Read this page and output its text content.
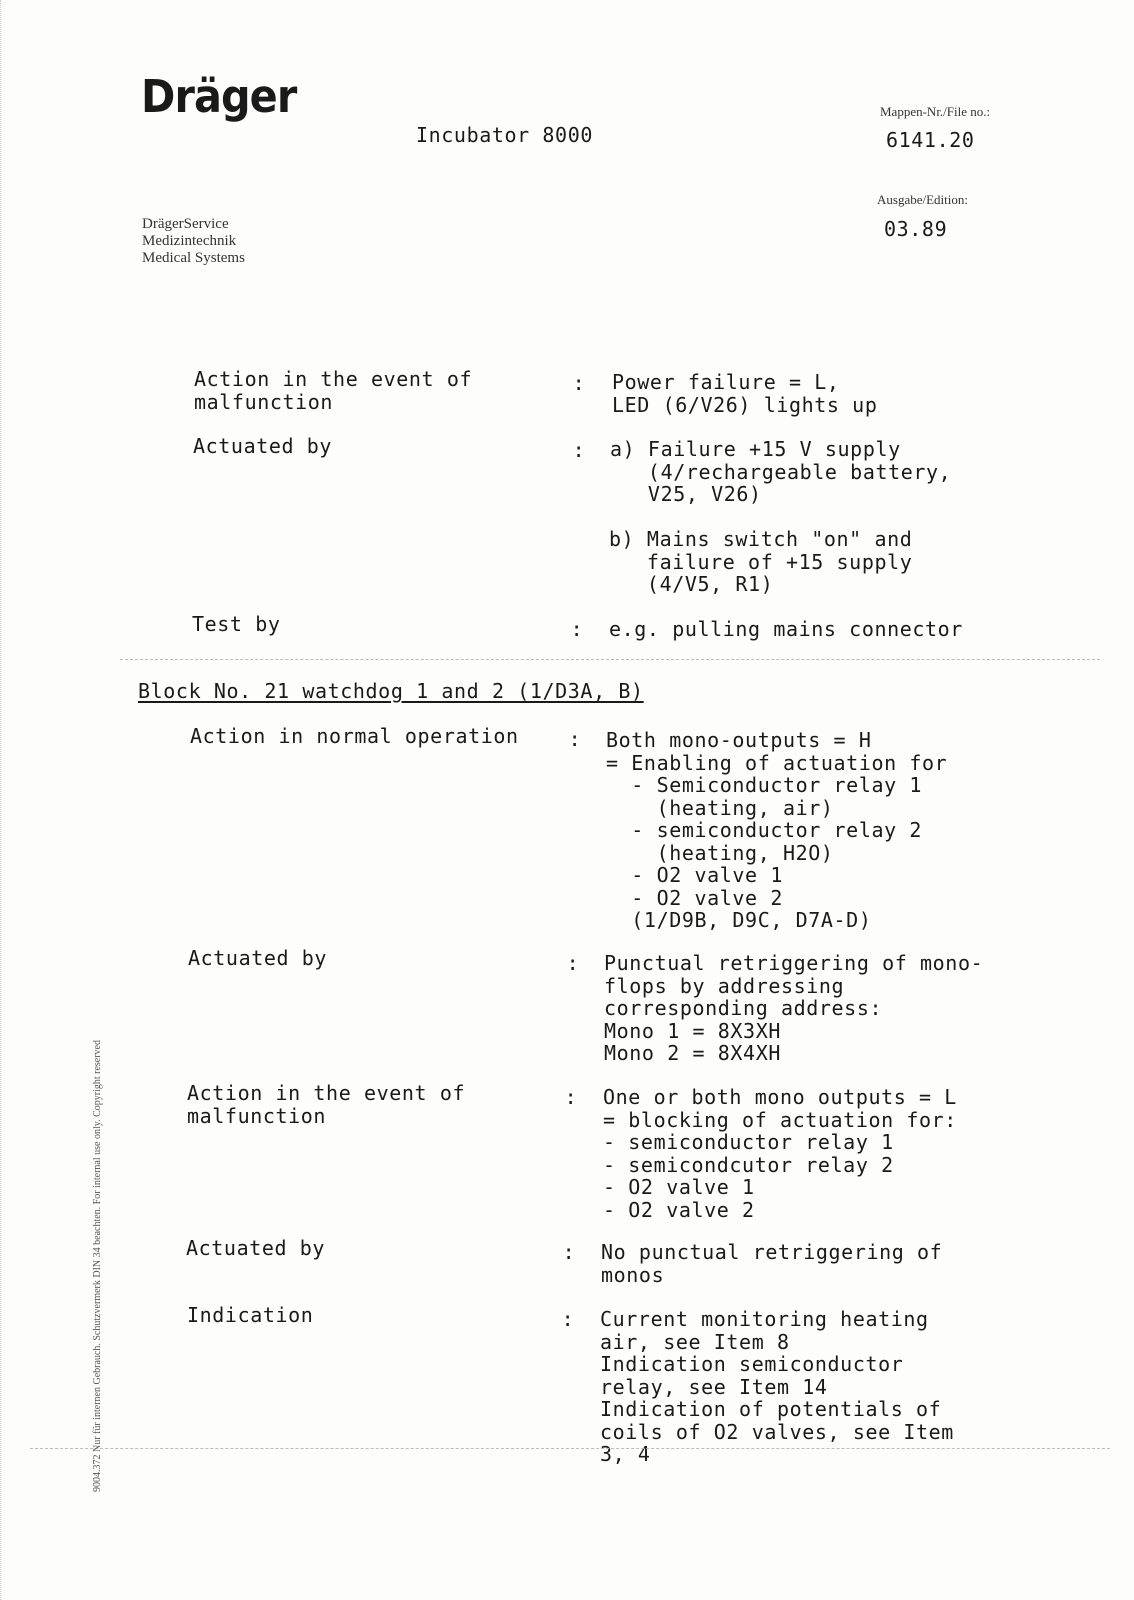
Dräger
Incubator 8000
Mappen-Nr./File no.:
6141.20
Ausgabe/Edition:
03.89
DrägerService
Medizintechnik
Medical Systems
Action in the event of
malfunction
: Power failure = L,
LED (6/V26) lights up
Actuated by	: a) Failure +15 V supply
(4/rechargeable battery,
V25, V26)
b) Mains switch "on" and
failure of +15 supply
(4/V5, R1)
Test by	: e.g. pulling mains connector
Block No. 21 watchdog 1 and 2 (1/D3A, B)
Action in normal operation	: Both mono-outputs = H
= Enabling of actuation for
- Semiconductor relay 1
(heating, air)
- semiconductor relay 2
(heating, H2O)
- O2 valve 1
- O2 valve 2
(1/D9B, D9C, D7A-D)
Actuated by	: Punctual retriggering of mono-
flops by addressing
corresponding address:
Mono 1 = 8X3XH
Mono 2 = 8X4XH
Action in the event of
malfunction
: One or both mono outputs = L
= blocking of actuation for:
- semiconductor relay 1
- semicondcutor relay 2
- O2 valve 1
- O2 valve 2
Actuated by	: No punctual retriggering of
monos
Indication	: Current monitoring heating
air, see Item 8
Indication semiconductor
relay, see Item 14
Indication of potentials of
coils of O2 valves, see Item
3, 4
9004.372 Nur für internen Gebrauch. Schutzvermerk DIN 34 beachten. For internal use only. Copyright reserved
